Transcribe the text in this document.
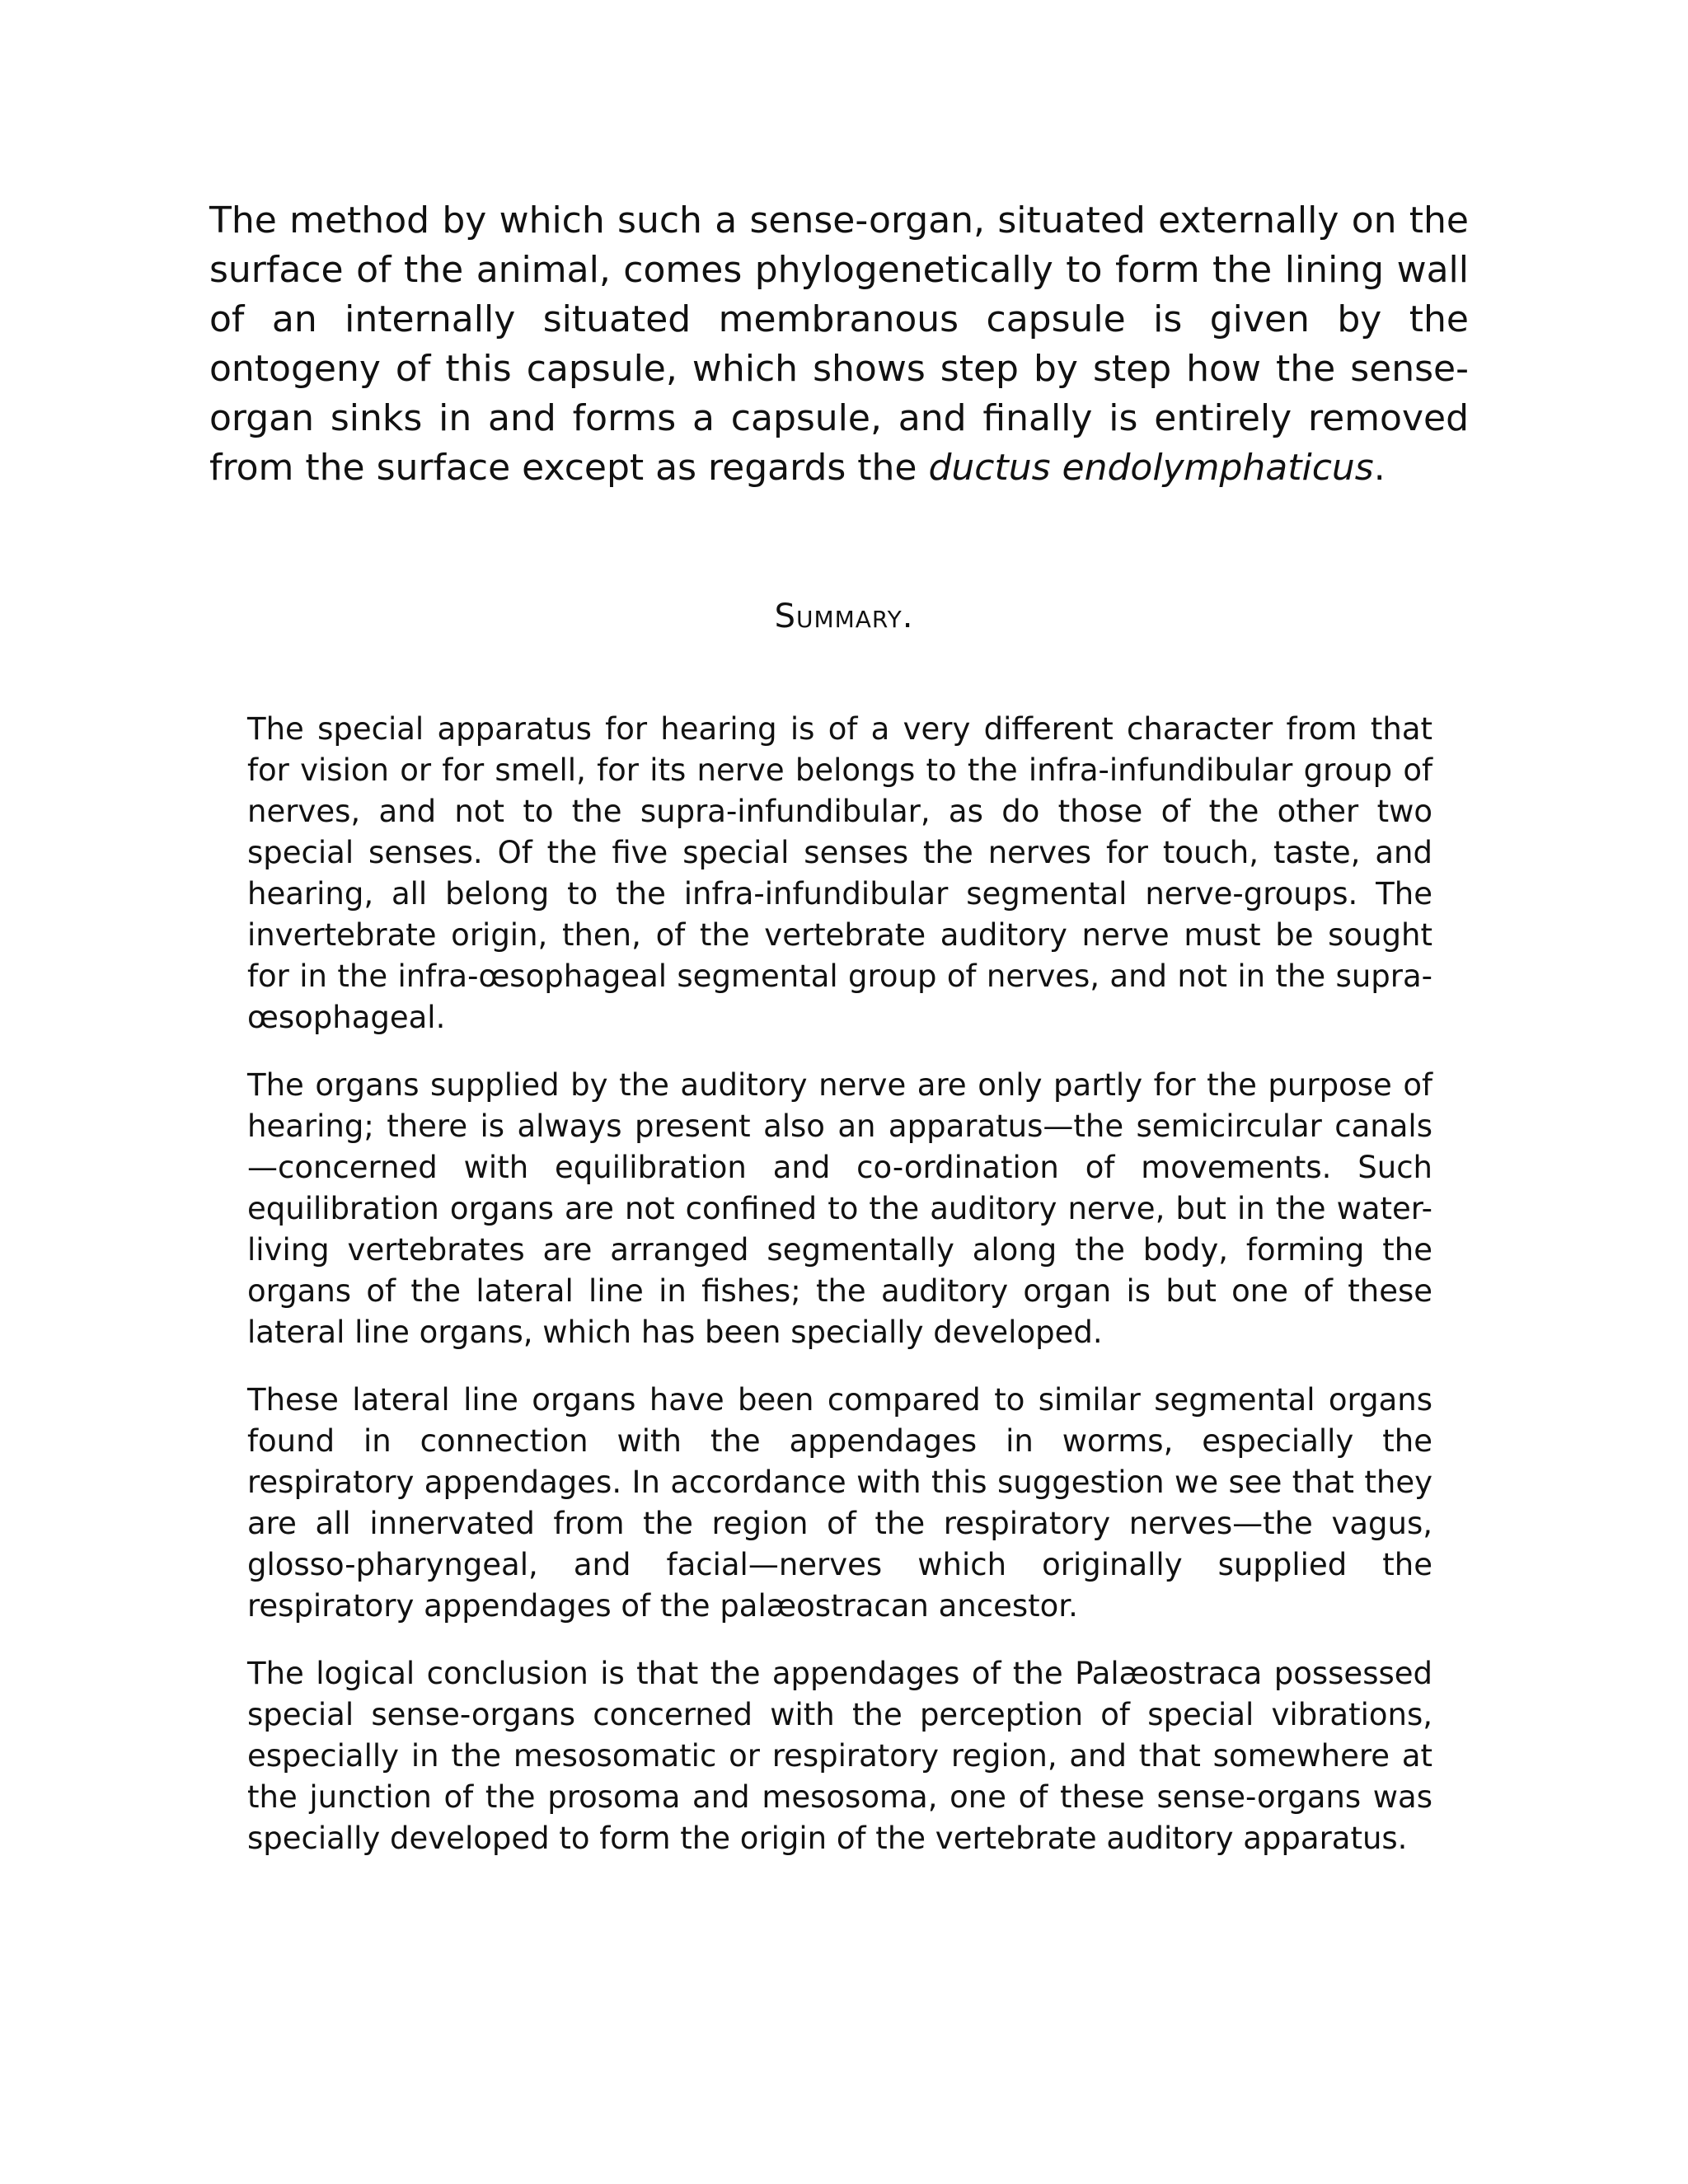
The method by which such a sense-organ, situated externally on the surface of the animal, comes phylogenetically to form the lining wall of an internally situated membranous capsule is given by the ontogeny of this capsule, which shows step by step how the sense-organ sinks in and forms a capsule, and finally is entirely removed from the surface except as regards the ductus endolymphaticus.

Summary.

The special apparatus for hearing is of a very different character from that for vision or for smell, for its nerve belongs to the infra-infundibular group of nerves, and not to the supra-infundibular, as do those of the other two special senses. Of the five special senses the nerves for touch, taste, and hearing, all belong to the infra-infundibular segmental nerve-groups. The invertebrate origin, then, of the vertebrate auditory nerve must be sought for in the infra-œsophageal segmental group of nerves, and not in the supra-œsophageal.

The organs supplied by the auditory nerve are only partly for the purpose of hearing; there is always present also an apparatus—the semicircular canals—concerned with equilibration and co-ordination of movements. Such equilibration organs are not confined to the auditory nerve, but in the water-living vertebrates are arranged segmentally along the body, forming the organs of the lateral line in fishes; the auditory organ is but one of these lateral line organs, which has been specially developed.

These lateral line organs have been compared to similar segmental organs found in connection with the appendages in worms, especially the respiratory appendages. In accordance with this suggestion we see that they are all innervated from the region of the respiratory nerves—the vagus, glosso-pharyngeal, and facial—nerves which originally supplied the respiratory appendages of the palæostracan ancestor.

The logical conclusion is that the appendages of the Palæostraca possessed special sense-organs concerned with the perception of special vibrations, especially in the mesosomatic or respiratory region, and that somewhere at the junction of the prosoma and mesosoma, one of these sense-organs was specially developed to form the origin of the vertebrate auditory apparatus.
